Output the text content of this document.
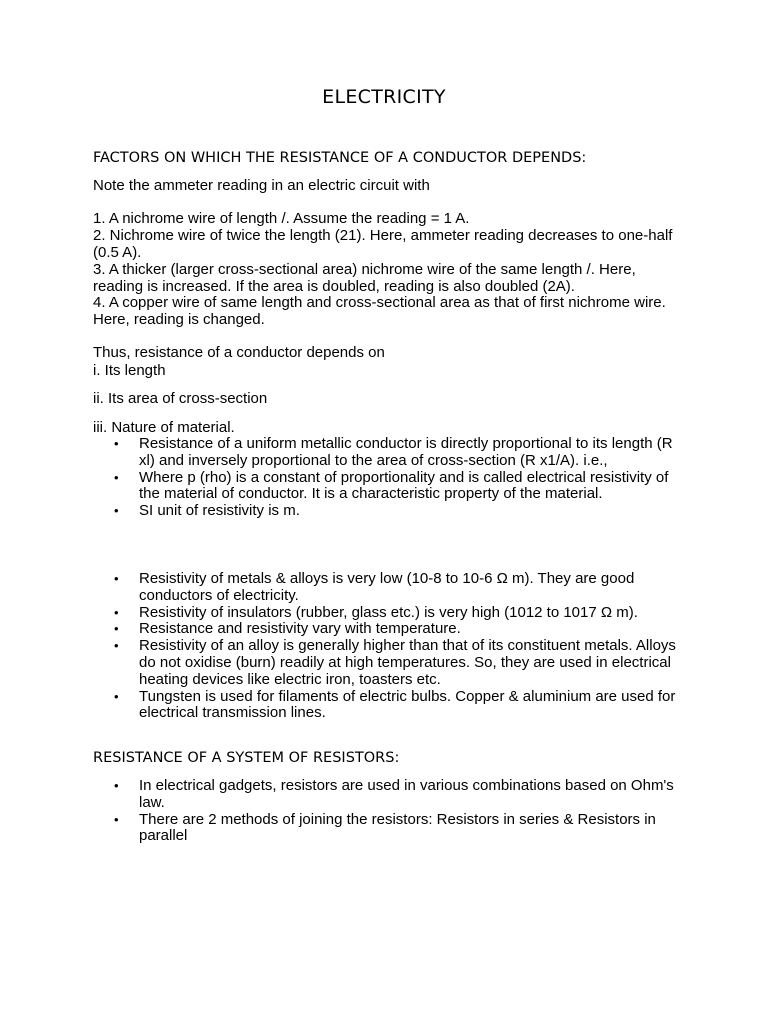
ELECTRICITY
FACTORS ON WHICH THE RESISTANCE OF A CONDUCTOR DEPENDS:

Note the ammeter reading in an electric circuit with

1. A nichrome wire of length /. Assume the reading = 1 A.

2. Nichrome wire of twice the length (21). Here, ammeter reading decreases to one-half (0.5 A).

3. A thicker (larger cross-sectional area) nichrome wire of the same length /. Here, reading is increased. If the area is doubled, reading is also doubled (2A).

4. A copper wire of same length and cross-sectional area as that of first nichrome wire. Here, reading is changed.

Thus, resistance of a conductor depends on

i. Its length

ii. Its area of cross-section

iii. Nature of material.

• Resistance of a uniform metallic conductor is directly proportional to its length (R xl) and inversely proportional to the area of cross-section (R x1/A). i.e.,
• Where p (rho) is a constant of proportionality and is called electrical resistivity of the material of conductor. It is a characteristic property of the material.
• SI unit of resistivity is m.
• Resistivity of metals & alloys is very low (10-8 to 10-6 Ω m). They are good conductors of electricity.
• Resistivity of insulators (rubber, glass etc.) is very high (1012 to 1017 Ω m).
• Resistance and resistivity vary with temperature.
• Resistivity of an alloy is generally higher than that of its constituent metals. Alloys do not oxidise (burn) readily at high temperatures. So, they are used in electrical heating devices like electric iron, toasters etc.
• Tungsten is used for filaments of electric bulbs. Copper & aluminium are used for electrical transmission lines.
RESISTANCE OF A SYSTEM OF RESISTORS:
• In electrical gadgets, resistors are used in various combinations based on Ohm's law.
• There are 2 methods of joining the resistors: Resistors in series & Resistors in parallel
